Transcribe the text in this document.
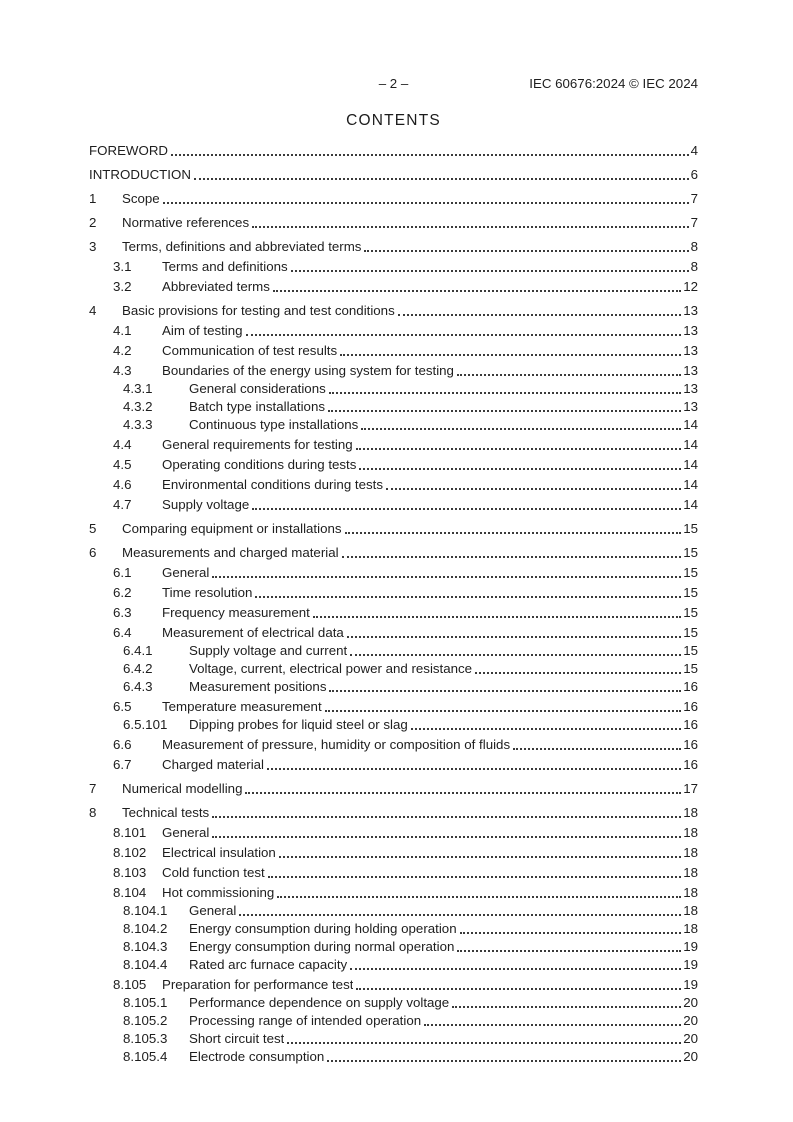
– 2 –	IEC 60676:2024 © IEC 2024
CONTENTS
FOREWORD	4
INTRODUCTION	6
1	Scope	7
2	Normative references	7
3	Terms, definitions and abbreviated terms	8
3.1	Terms and definitions	8
3.2	Abbreviated terms	12
4	Basic provisions for testing and test conditions	13
4.1	Aim of testing	13
4.2	Communication of test results	13
4.3	Boundaries of the energy using system for testing	13
4.3.1	General considerations	13
4.3.2	Batch type installations	13
4.3.3	Continuous type installations	14
4.4	General requirements for testing	14
4.5	Operating conditions during tests	14
4.6	Environmental conditions during tests	14
4.7	Supply voltage	14
5	Comparing equipment or installations	15
6	Measurements and charged material	15
6.1	General	15
6.2	Time resolution	15
6.3	Frequency measurement	15
6.4	Measurement of electrical data	15
6.4.1	Supply voltage and current	15
6.4.2	Voltage, current, electrical power and resistance	15
6.4.3	Measurement positions	16
6.5	Temperature measurement	16
6.5.101	Dipping probes for liquid steel or slag	16
6.6	Measurement of pressure, humidity or composition of fluids	16
6.7	Charged material	16
7	Numerical modelling	17
8	Technical tests	18
8.101	General	18
8.102	Electrical insulation	18
8.103	Cold function test	18
8.104	Hot commissioning	18
8.104.1	General	18
8.104.2	Energy consumption during holding operation	18
8.104.3	Energy consumption during normal operation	19
8.104.4	Rated arc furnace capacity	19
8.105	Preparation for performance test	19
8.105.1	Performance dependence on supply voltage	20
8.105.2	Processing range of intended operation	20
8.105.3	Short circuit test	20
8.105.4	Electrode consumption	20
